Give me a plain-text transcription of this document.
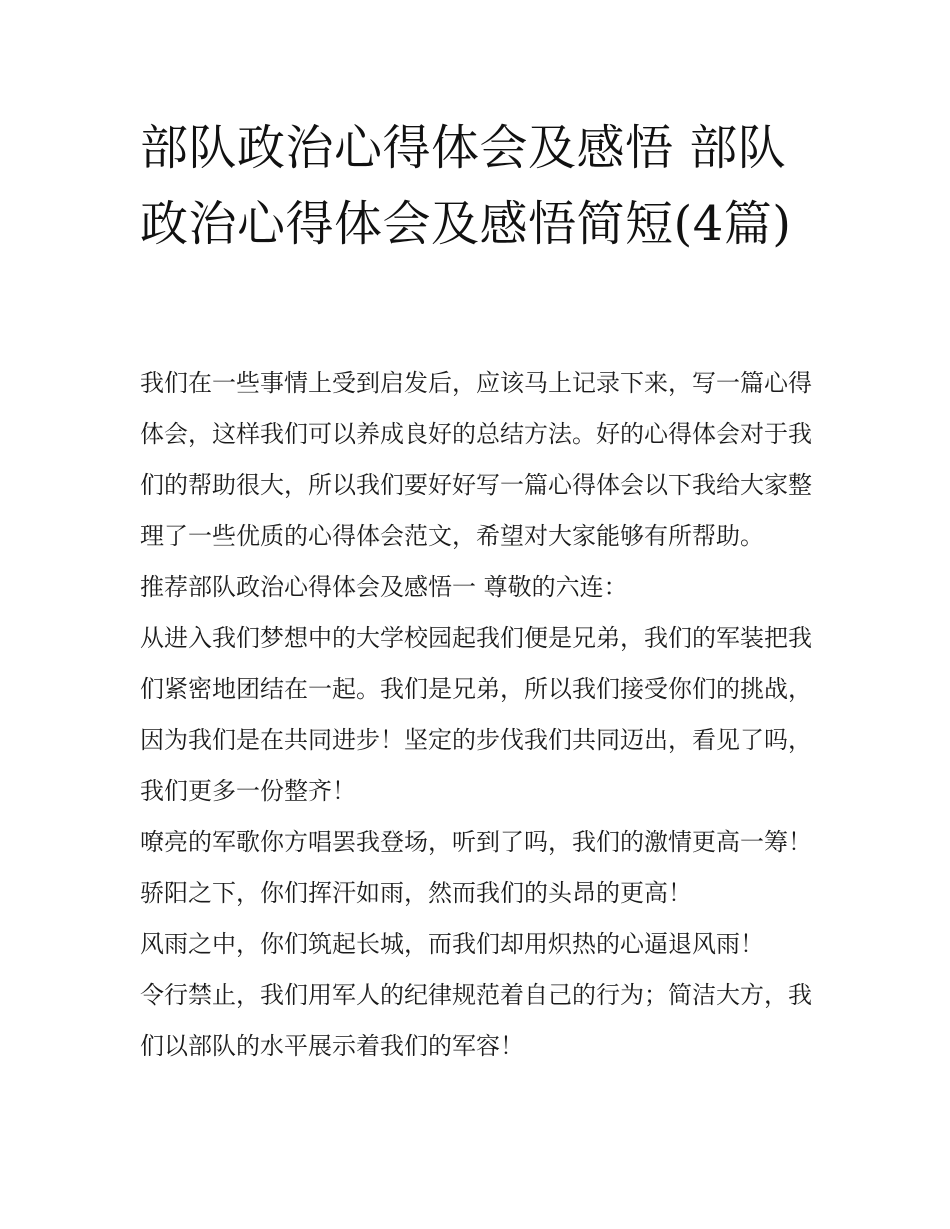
部队政治心得体会及感悟 部队政治心得体会及感悟简短(4篇)

我们在一些事情上受到启发后，应该马上记录下来，写一篇心得体会，这样我们可以养成良好的总结方法。好的心得体会对于我们的帮助很大，所以我们要好好写一篇心得体会以下我给大家整理了一些优质的心得体会范文，希望对大家能够有所帮助。

推荐部队政治心得体会及感悟一 尊敬的六连：

从进入我们梦想中的大学校园起我们便是兄弟，我们的军装把我们紧密地团结在一起。我们是兄弟，所以我们接受你们的挑战，因为我们是在共同进步！坚定的步伐我们共同迈出，看见了吗，我们更多一份整齐！

嘹亮的军歌你方唱罢我登场，听到了吗，我们的激情更高一筹！ 骄阳之下，你们挥汗如雨，然而我们的头昂的更高！

风雨之中，你们筑起长城，而我们却用炽热的心逼退风雨！

令行禁止，我们用军人的纪律规范着自己的行为；简洁大方，我们以部队的水平展示着我们的军容！
